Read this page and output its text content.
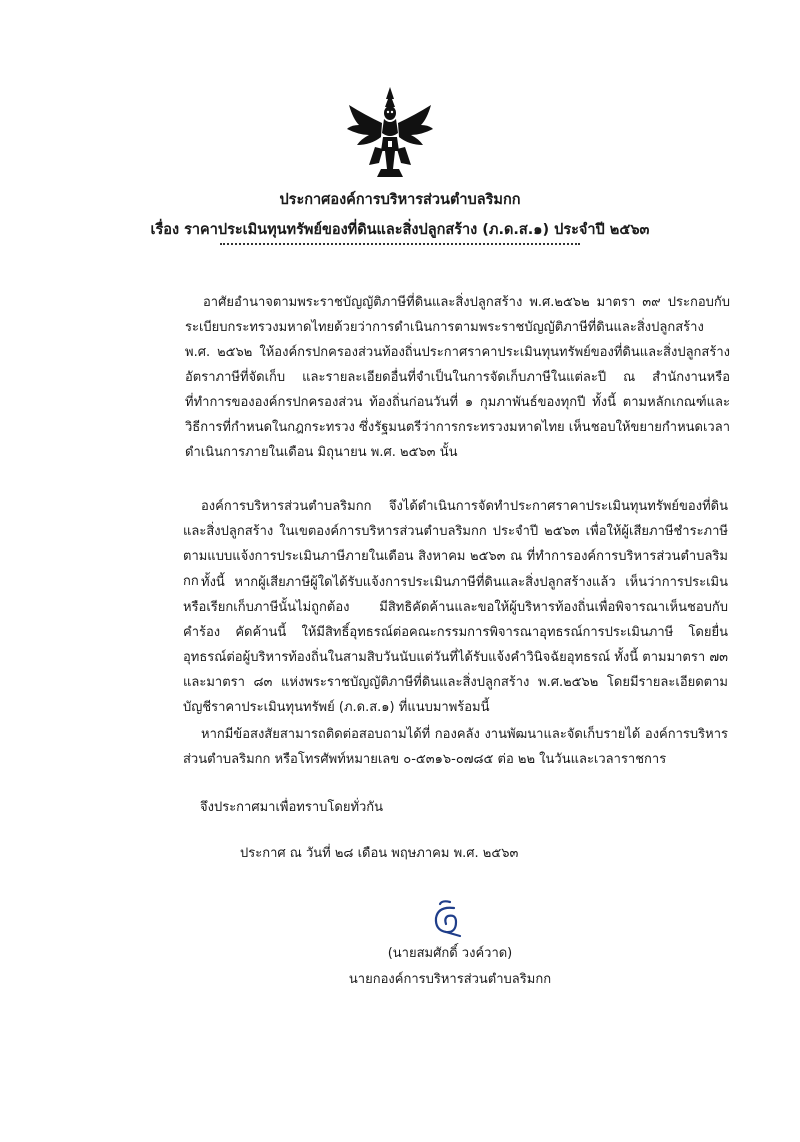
ประกาศองค์การบริหารส่วนตำบลริมกก
เรื่อง ราคาประเมินทุนทรัพย์ของที่ดินและสิ่งปลูกสร้าง (ภ.ด.ส.๑) ประจำปี ๒๕๖๓

อาศัยอำนาจตามพระราชบัญญัติภาษีที่ดินและสิ่งปลูกสร้าง พ.ศ.๒๕๖๒ มาตรา ๓๙ ประกอบกับระเบียบกระทรวงมหาดไทยด้วยว่าการดำเนินการตามพระราชบัญญัติภาษีที่ดินและสิ่งปลูกสร้าง พ.ศ. ๒๕๖๒ ให้องค์กรปกครองส่วนท้องถิ่นประกาศราคาประเมินทุนทรัพย์ของที่ดินและสิ่งปลูกสร้าง อัตราภาษีที่จัดเก็บ และรายละเอียดอื่นที่จำเป็นในการจัดเก็บภาษีในแต่ละปี ณ สำนักงานหรือที่ทำการขององค์กรปกครองส่วน ท้องถิ่นก่อนวันที่ ๑ กุมภาพันธ์ของทุกปี ทั้งนี้ ตามหลักเกณฑ์และวิธีการที่กำหนดในกฎกระทรวง ซึ่งรัฐมนตรีว่าการกระทรวงมหาดไทย เห็นชอบให้ขยายกำหนดเวลาดำเนินการภายในเดือน มิถุนายน พ.ศ. ๒๕๖๓ นั้น

องค์การบริหารส่วนตำบลริมกก จึงได้ดำเนินการจัดทำประกาศราคาประเมินทุนทรัพย์ของที่ดินและสิ่งปลูกสร้าง ในเขตองค์การบริหารส่วนตำบลริมกก ประจำปี ๒๕๖๓ เพื่อให้ผู้เสียภาษีชำระภาษีตามแบบแจ้งการประเมินภาษีภายในเดือน สิงหาคม ๒๕๖๓ ณ ที่ทำการองค์การบริหารส่วนตำบลริมกก ทั้งนี้ หากผู้เสียภาษีผู้ใดได้รับแจ้งการประเมินภาษีที่ดินและสิ่งปลูกสร้างแล้ว เห็นว่าการประเมินหรือเรียกเก็บภาษีนั้นไม่ถูกต้อง มีสิทธิคัดค้านและขอให้ผู้บริหารท้องถิ่นเพื่อพิจารณาเห็นชอบกับคำร้อง คัดค้านนี้ ให้มีสิทธิ์อุทธรณ์ต่อคณะกรรมการพิจารณาอุทธรณ์การประเมินภาษี โดยยื่นอุทธรณ์ต่อผู้บริหารท้องถิ่นในสามสิบวันนับแต่วันที่ได้รับแจ้งคำวินิจฉัยอุทธรณ์ ทั้งนี้ ตามมาตรา ๗๓ และมาตรา ๘๓ แห่งพระราชบัญญัติภาษีที่ดินและสิ่งปลูกสร้าง พ.ศ.๒๕๖๒ โดยมีรายละเอียดตามบัญชีราคาประเมินทุนทรัพย์ (ภ.ด.ส.๑) ที่แนบมาพร้อมนี้

หากมีข้อสงสัยสามารถติดต่อสอบถามได้ที่ กองคลัง งานพัฒนาและจัดเก็บรายได้ องค์การบริหารส่วนตำบลริมกก หรือโทรศัพท์หมายเลข ๐-๕๓๑๖-๐๗๘๕ ต่อ ๒๒ ในวันและเวลาราชการ

จึงประกาศมาเพื่อทราบโดยทั่วกัน
ประกาศ ณ วันที่ ๒๘ เดือน พฤษภาคม พ.ศ. ๒๕๖๓
(นายสมศักดิ์ วงค์วาด)
นายกองค์การบริหารส่วนตำบลริมกก
